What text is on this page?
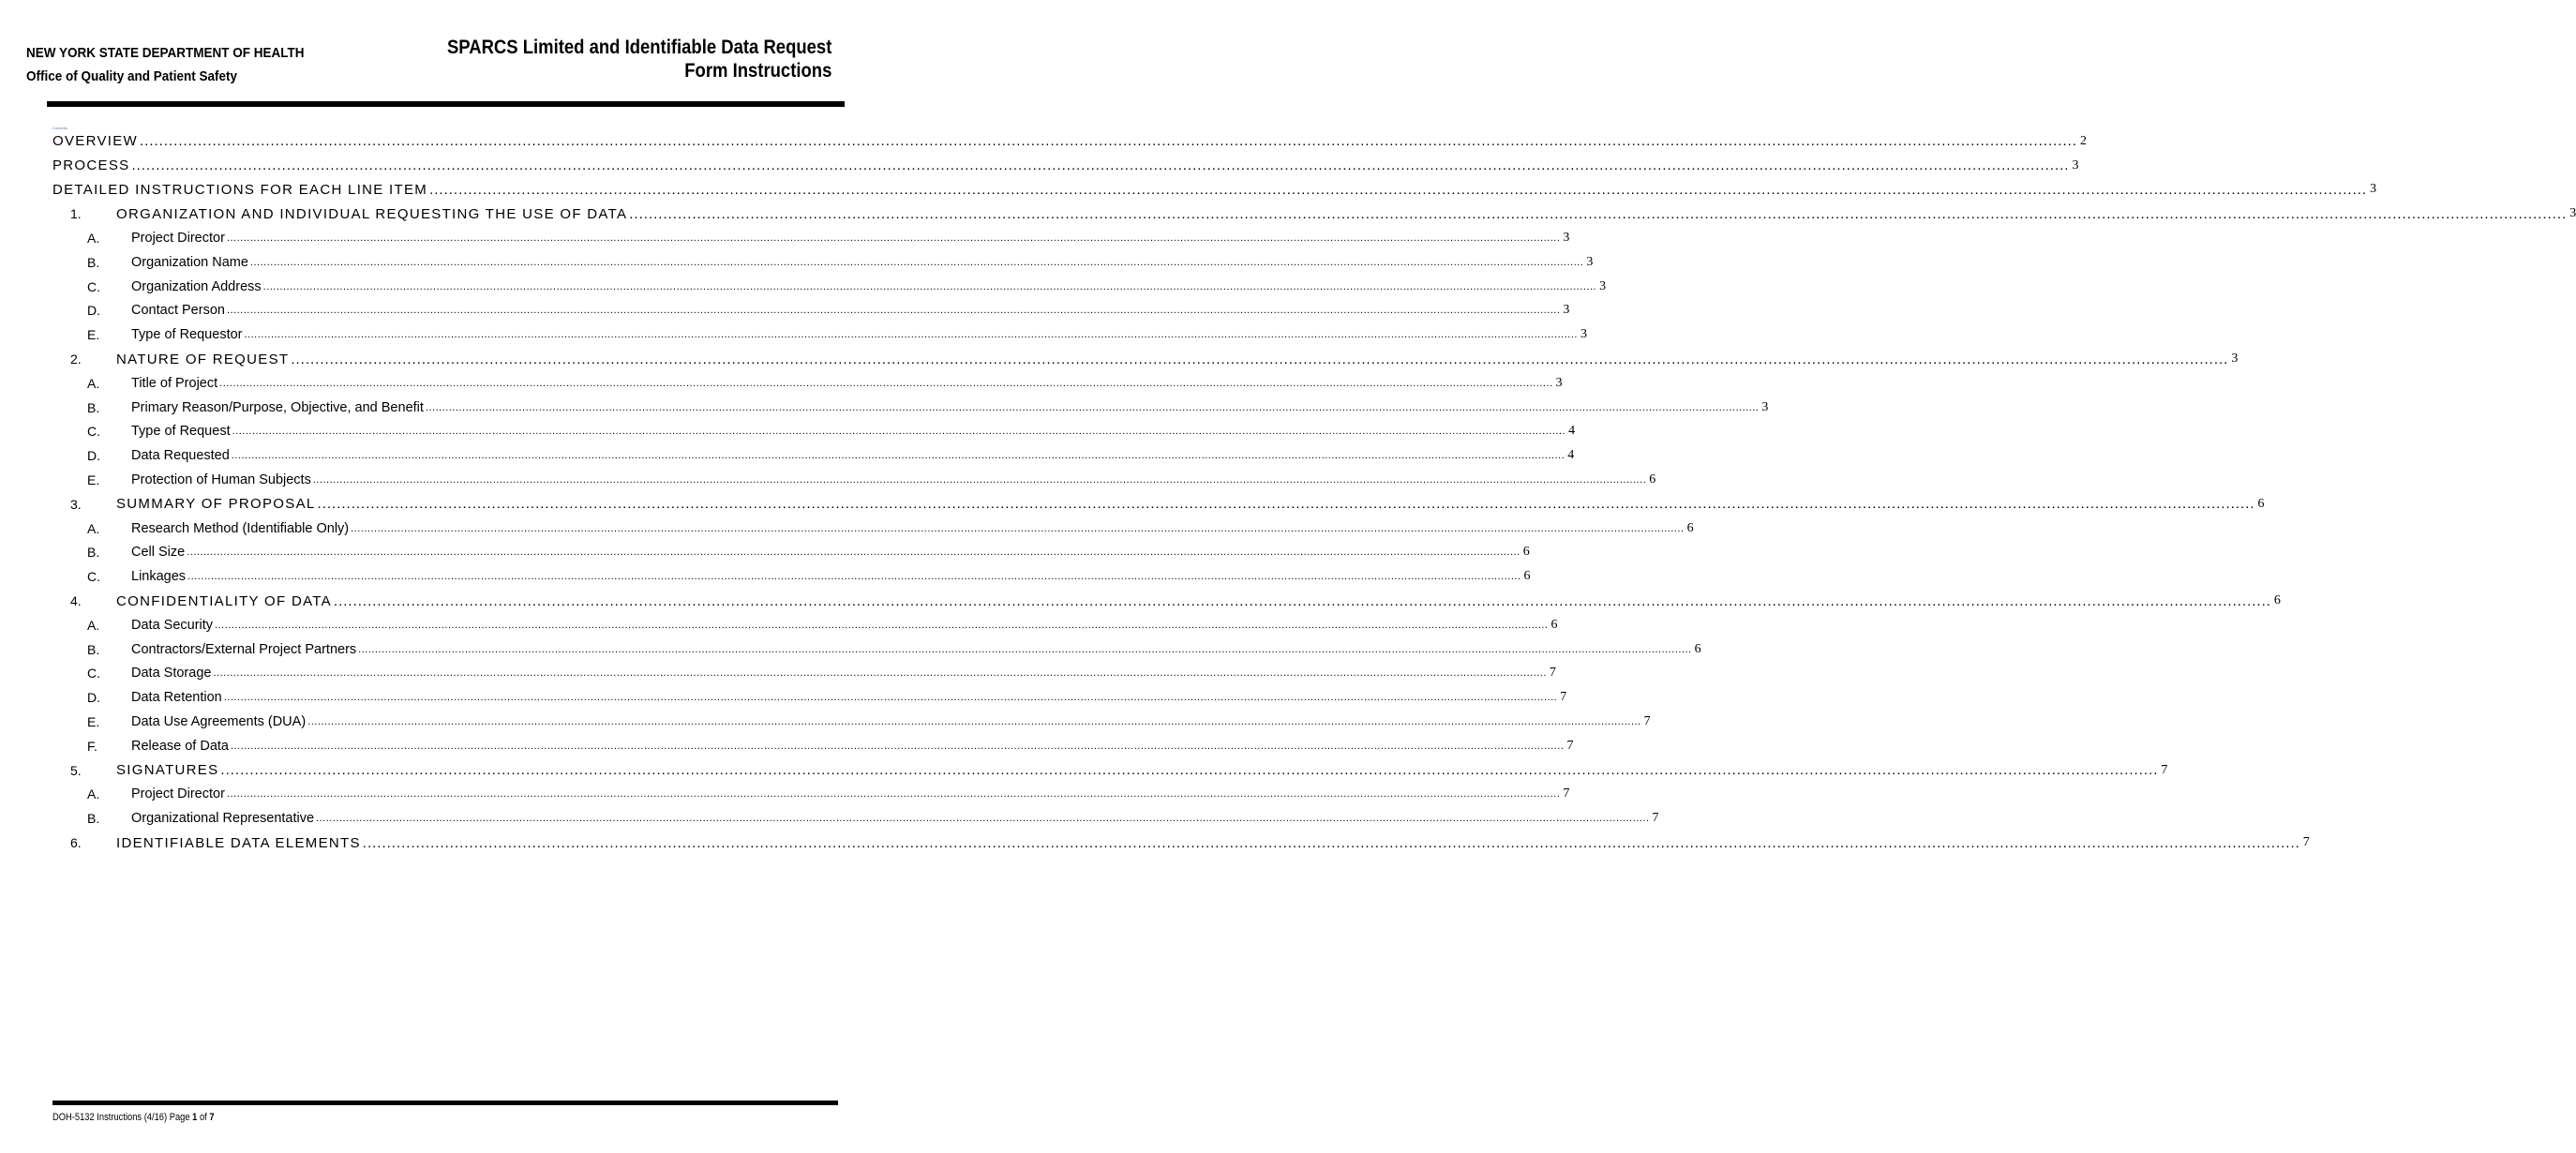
NEW YORK STATE DEPARTMENT OF HEALTH
Office of Quality and Patient Safety
SPARCS Limited and Identifiable Data Request
Form Instructions
Contents
OVERVIEW ................................................................................................................................................................................................................................................................................................................................................................................................................ 2
PROCESS ................................................................................................................................................................................................................................................................................................................................................................................................................ 3
DETAILED INSTRUCTIONS FOR EACH LINE ITEM ................................................................................................................................................................................................................................................................................................................................................................................................................ 3
1. ORGANIZATION AND INDIVIDUAL REQUESTING THE USE OF DATA ................................................................................................................................................................................................................................................................................................................................................................................................................ 3
A. Project Director ................................................................................................................................................................................................................................................................................................................................................................................................................ 3
B. Organization Name ................................................................................................................................................................................................................................................................................................................................................................................................................ 3
C. Organization Address ................................................................................................................................................................................................................................................................................................................................................................................................................ 3
D. Contact Person ................................................................................................................................................................................................................................................................................................................................................................................................................ 3
E. Type of Requestor ................................................................................................................................................................................................................................................................................................................................................................................................................ 3
2. NATURE OF REQUEST ................................................................................................................................................................................................................................................................................................................................................................................................................ 3
A. Title of Project ................................................................................................................................................................................................................................................................................................................................................................................................................ 3
B. Primary Reason/Purpose, Objective, and Benefit ................................................................................................................................................................................................................................................................................................................................................................................................................ 3
C. Type of Request ................................................................................................................................................................................................................................................................................................................................................................................................................ 4
D. Data Requested ................................................................................................................................................................................................................................................................................................................................................................................................................ 4
E. Protection of Human Subjects ................................................................................................................................................................................................................................................................................................................................................................................................................ 6
3. SUMMARY OF PROPOSAL ................................................................................................................................................................................................................................................................................................................................................................................................................ 6
A. Research Method (Identifiable Only) ................................................................................................................................................................................................................................................................................................................................................................................................................ 6
B. Cell Size ................................................................................................................................................................................................................................................................................................................................................................................................................ 6
C. Linkages ................................................................................................................................................................................................................................................................................................................................................................................................................ 6
4. CONFIDENTIALITY OF DATA ................................................................................................................................................................................................................................................................................................................................................................................................................ 6
A. Data Security ................................................................................................................................................................................................................................................................................................................................................................................................................ 6
B. Contractors/External Project Partners ................................................................................................................................................................................................................................................................................................................................................................................................................ 6
C. Data Storage ................................................................................................................................................................................................................................................................................................................................................................................................................ 7
D. Data Retention ................................................................................................................................................................................................................................................................................................................................................................................................................ 7
E. Data Use Agreements (DUA) ................................................................................................................................................................................................................................................................................................................................................................................................................ 7
F. Release of Data ................................................................................................................................................................................................................................................................................................................................................................................................................ 7
5. SIGNATURES ................................................................................................................................................................................................................................................................................................................................................................................................................ 7
A. Project Director ................................................................................................................................................................................................................................................................................................................................................................................................................ 7
B. Organizational Representative ................................................................................................................................................................................................................................................................................................................................................................................................................ 7
6. IDENTIFIABLE DATA ELEMENTS ................................................................................................................................................................................................................................................................................................................................................................................................................ 7
DOH-5132 Instructions (4/16) Page 1 of 7
